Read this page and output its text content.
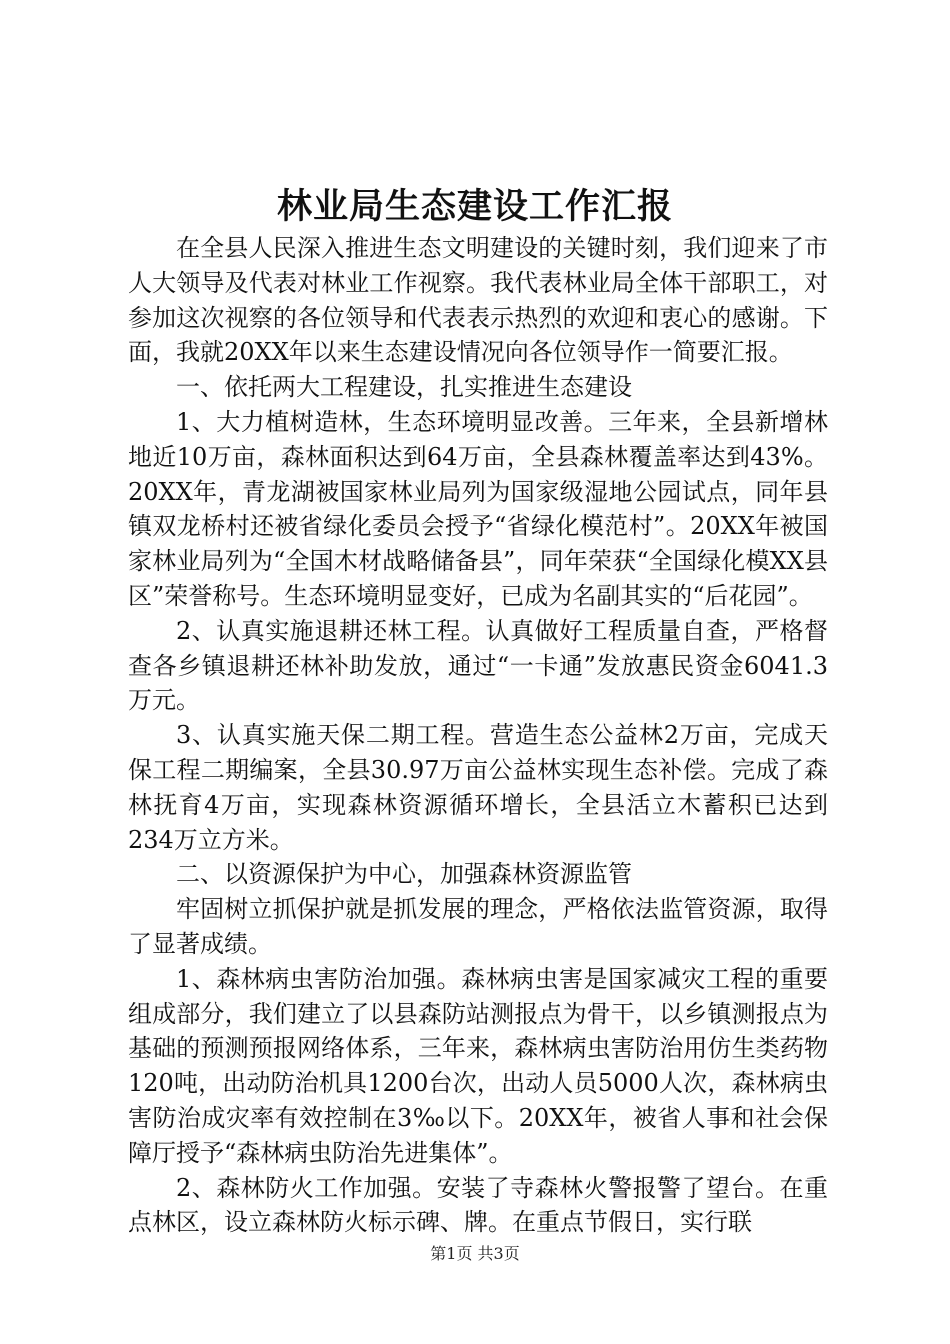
林业局生态建设工作汇报

在全县人民深入推进生态文明建设的关键时刻，我们迎来了市人大领导及代表对林业工作视察。我代表林业局全体干部职工，对参加这次视察的各位领导和代表表示热烈的欢迎和衷心的感谢。下面，我就20XX年以来生态建设情况向各位领导作一简要汇报。

一、依托两大工程建设，扎实推进生态建设

1、大力植树造林，生态环境明显改善。三年来，全县新增林地近10万亩，森林面积达到64万亩，全县森林覆盖率达到43%。20XX年，青龙湖被国家林业局列为国家级湿地公园试点，同年县镇双龙桥村还被省绿化委员会授予“省绿化模范村”。20XX年被国家林业局列为“全国木材战略储备县”，同年荣获“全国绿化模XX县区”荣誉称号。生态环境明显变好，已成为名副其实的“后花园”。

2、认真实施退耕还林工程。认真做好工程质量自查，严格督查各乡镇退耕还林补助发放，通过“一卡通”发放惠民资金6041.3万元。

3、认真实施天保二期工程。营造生态公益林2万亩，完成天保工程二期编案，全县30.97万亩公益林实现生态补偿。完成了森林抚育4万亩，实现森林资源循环增长，全县活立木蓄积已达到234万立方米。

二、以资源保护为中心，加强森林资源监管

牢固树立抓保护就是抓发展的理念，严格依法监管资源，取得了显著成绩。

1、森林病虫害防治加强。森林病虫害是国家减灾工程的重要组成部分，我们建立了以县森防站测报点为骨干，以乡镇测报点为基础的预测预报网络体系，三年来，森林病虫害防治用仿生类药物120吨，出动防治机具1200台次，出动人员5000人次，森林病虫害防治成灾率有效控制在3‰以下。20XX年，被省人事和社会保障厅授予“森林病虫防治先进集体”。

2、森林防火工作加强。安装了寺森林火警报警了望台。在重点林区，设立森林防火标示碑、牌。在重点节假日，实行联

第1页 共3页
